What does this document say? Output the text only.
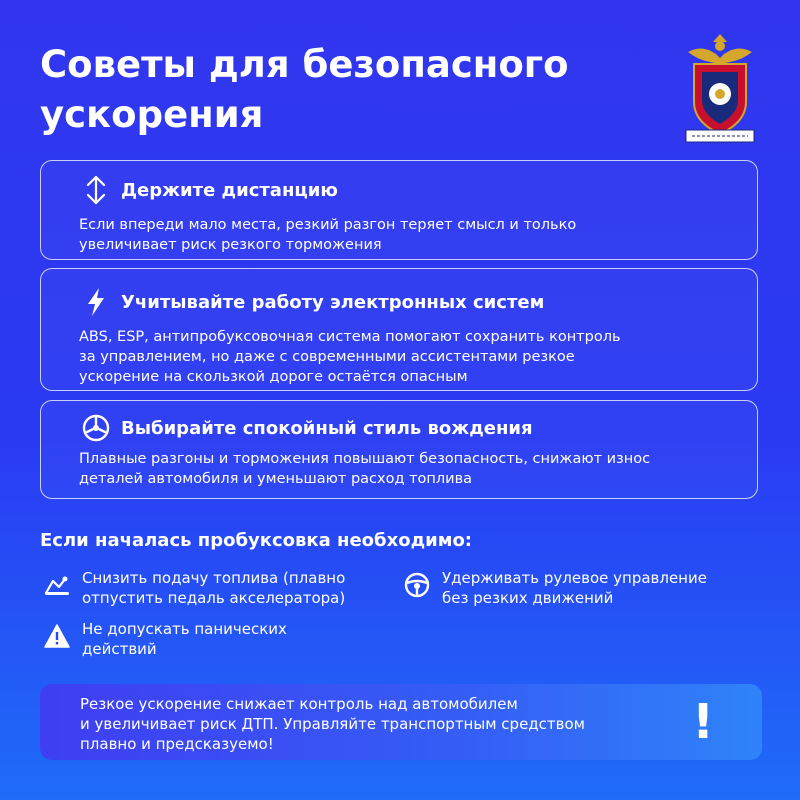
Советы для безопасного
ускорения
Держите дистанцию
Если впереди мало места, резкий разгон теряет смысл и только
увеличивает риск резкого торможения
Учитывайте работу электронных систем
ABS, ESP, антипробуксовочная система помогают сохранить контроль
за управлением, но даже с современными ассистентами резкое
ускорение на скользкой дороге остаётся опасным
Выбирайте спокойный стиль вождения
Плавные разгоны и торможения повышают безопасность, снижают износ
деталей автомобиля и уменьшают расход топлива
Если началась пробуксовка необходимо:
Снизить подачу топлива (плавно
отпустить педаль акселератора)
Удерживать рулевое управление
без резких движений
Не допускать панических
действий
Резкое ускорение снижает контроль над автомобилем
и увеличивает риск ДТП. Управляйте транспортным средством
плавно и предсказуемо!	!
